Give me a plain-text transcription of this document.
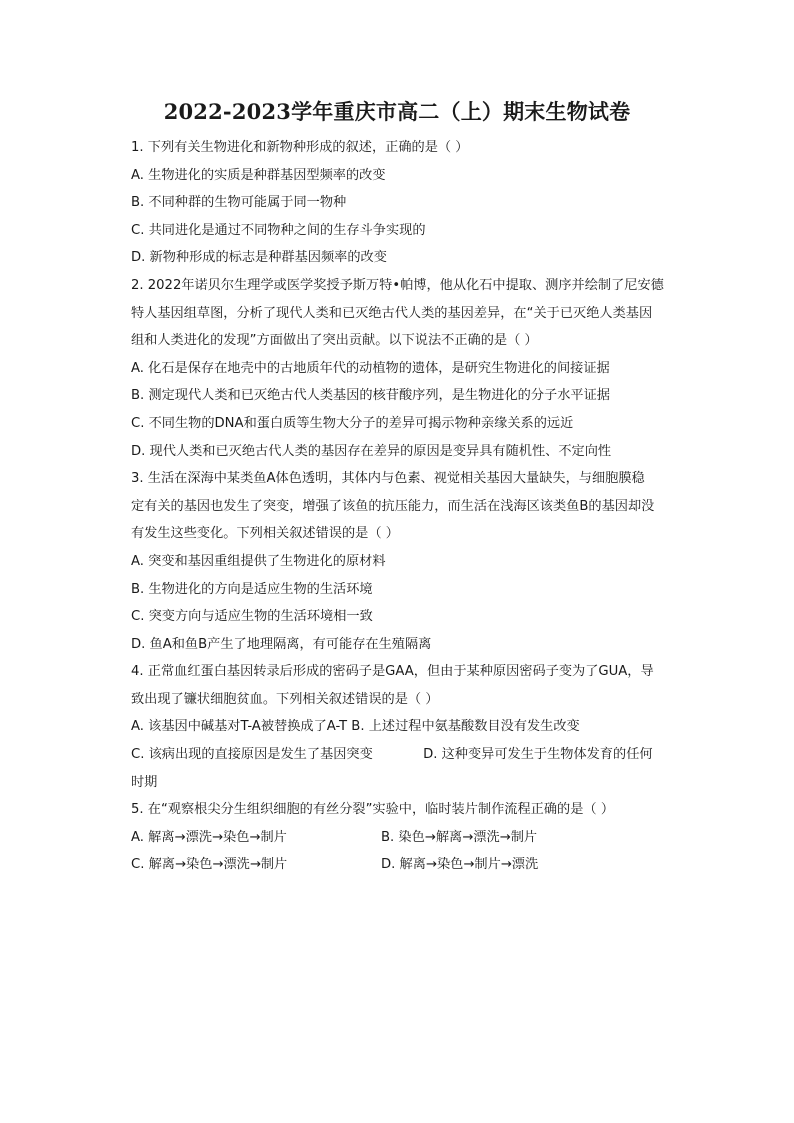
2022-2023学年重庆市高二（上）期末生物试卷
1. 下列有关生物进化和新物种形成的叙述，正确的是（ ）
A. 生物进化的实质是种群基因型频率的改变
B. 不同种群的生物可能属于同一物种
C. 共同进化是通过不同物种之间的生存斗争实现的
D. 新物种形成的标志是种群基因频率的改变
2. 2022年诺贝尔生理学或医学奖授予斯万特•帕博，他从化石中提取、测序并绘制了尼安德
特人基因组草图，分析了现代人类和已灭绝古代人类的基因差异，在“关于已灭绝人类基因
组和人类进化的发现”方面做出了突出贡献。以下说法不正确的是（ ）
A. 化石是保存在地壳中的古地质年代的动植物的遗体，是研究生物进化的间接证据
B. 测定现代人类和已灭绝古代人类基因的核苷酸序列，是生物进化的分子水平证据
C. 不同生物的DNA和蛋白质等生物大分子的差异可揭示物种亲缘关系的远近
D. 现代人类和已灭绝古代人类的基因存在差异的原因是变异具有随机性、不定向性
3. 生活在深海中某类鱼A体色透明，其体内与色素、视觉相关基因大量缺失，与细胞膜稳
定有关的基因也发生了突变，增强了该鱼的抗压能力，而生活在浅海区该类鱼B的基因却没
有发生这些变化。下列相关叙述错误的是（ ）
A. 突变和基因重组提供了生物进化的原材料
B. 生物进化的方向是适应生物的生活环境
C. 突变方向与适应生物的生活环境相一致
D. 鱼A和鱼B产生了地理隔离，有可能存在生殖隔离
4. 正常血红蛋白基因转录后形成的密码子是GAA，但由于某种原因密码子变为了GUA，导
致出现了镰状细胞贫血。下列相关叙述错误的是（ ）
A. 该基因中碱基对T-A被替换成了A-T B. 上述过程中氨基酸数目没有发生改变
C. 该病出现的直接原因是发生了基因突变            D. 这种变异可发生于生物体发育的任何
时期
5. 在“观察根尖分生组织细胞的有丝分裂”实验中，临时装片制作流程正确的是（ ）
A. 解离→漂洗→染色→制片	B. 染色→解离→漂洗→制片
C. 解离→染色→漂洗→制片	D. 解离→染色→制片→漂洗
